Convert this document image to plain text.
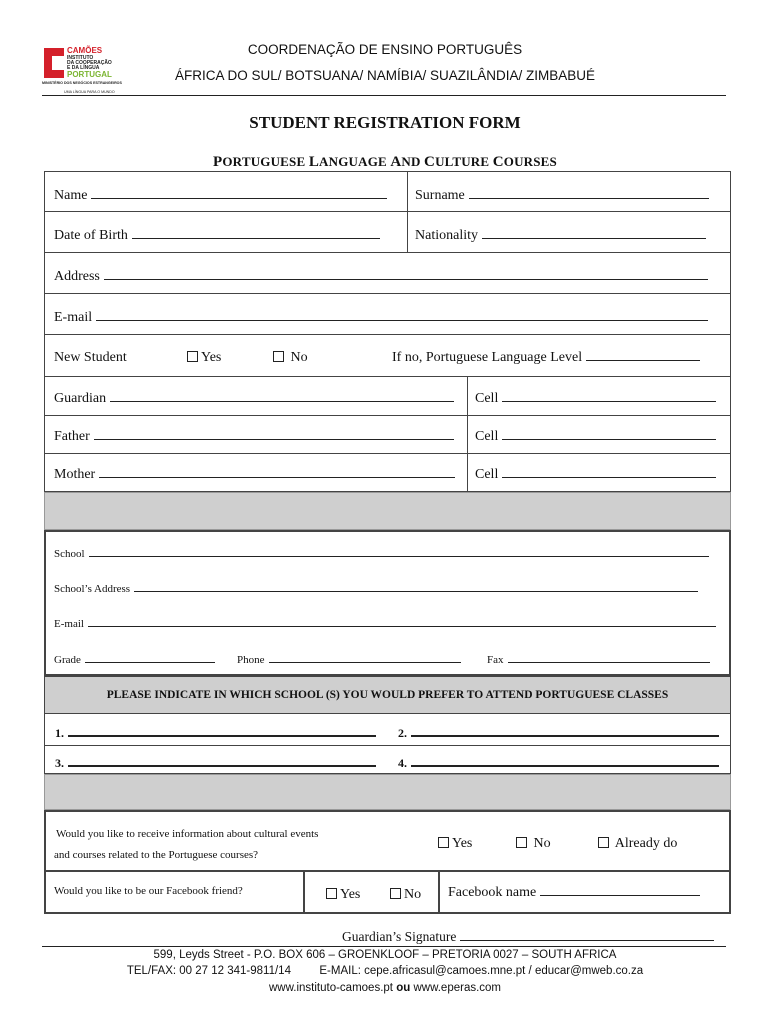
CAMÕES
INSTITUTO
DA COOPERAÇÃO
E DA LÍNGUA
PORTUGAL
MINISTÉRIO DOS NEGÓCIOS ESTRANGEIROS
UMA LÍNGUA PARA O MUNDO
COORDENAÇÃO DE ENSINO PORTUGUÊS
ÁFRICA DO SUL/ BOTSUANA/ NAMÍBIA/ SUAZILÂNDIA/ ZIMBABUÉ
STUDENT REGISTRATION FORM
PORTUGUESE LANGUAGE AND CULTURE COURSES
Name	Surname
Date of Birth	Nationality
Address
E-mail
New Student	Yes	No	If no, Portuguese Language Level
Guardian	Cell
Father	Cell
Mother	Cell
School
School’s Address
E-mail
Grade	Phone	Fax
PLEASE INDICATE IN WHICH SCHOOL (S) YOU WOULD PREFER TO ATTEND PORTUGUESE CLASSES
1.	2.
3.	4.
Would you like to receive information about cultural events
and courses related to the Portuguese courses?
Yes	No	Already do
Would you like to be our Facebook friend?	Yes	No Facebook name
Guardian’s Signature
599, Leyds Street - P.O. BOX 606 – GROENKLOOF – PRETORIA 0027 – SOUTH AFRICA
TEL/FAX: 00 27 12 341-9811/14 E-MAIL: cepe.africasul@camoes.mne.pt / educar@mweb.co.za
www.instituto-camoes.pt ou www.eperas.com
